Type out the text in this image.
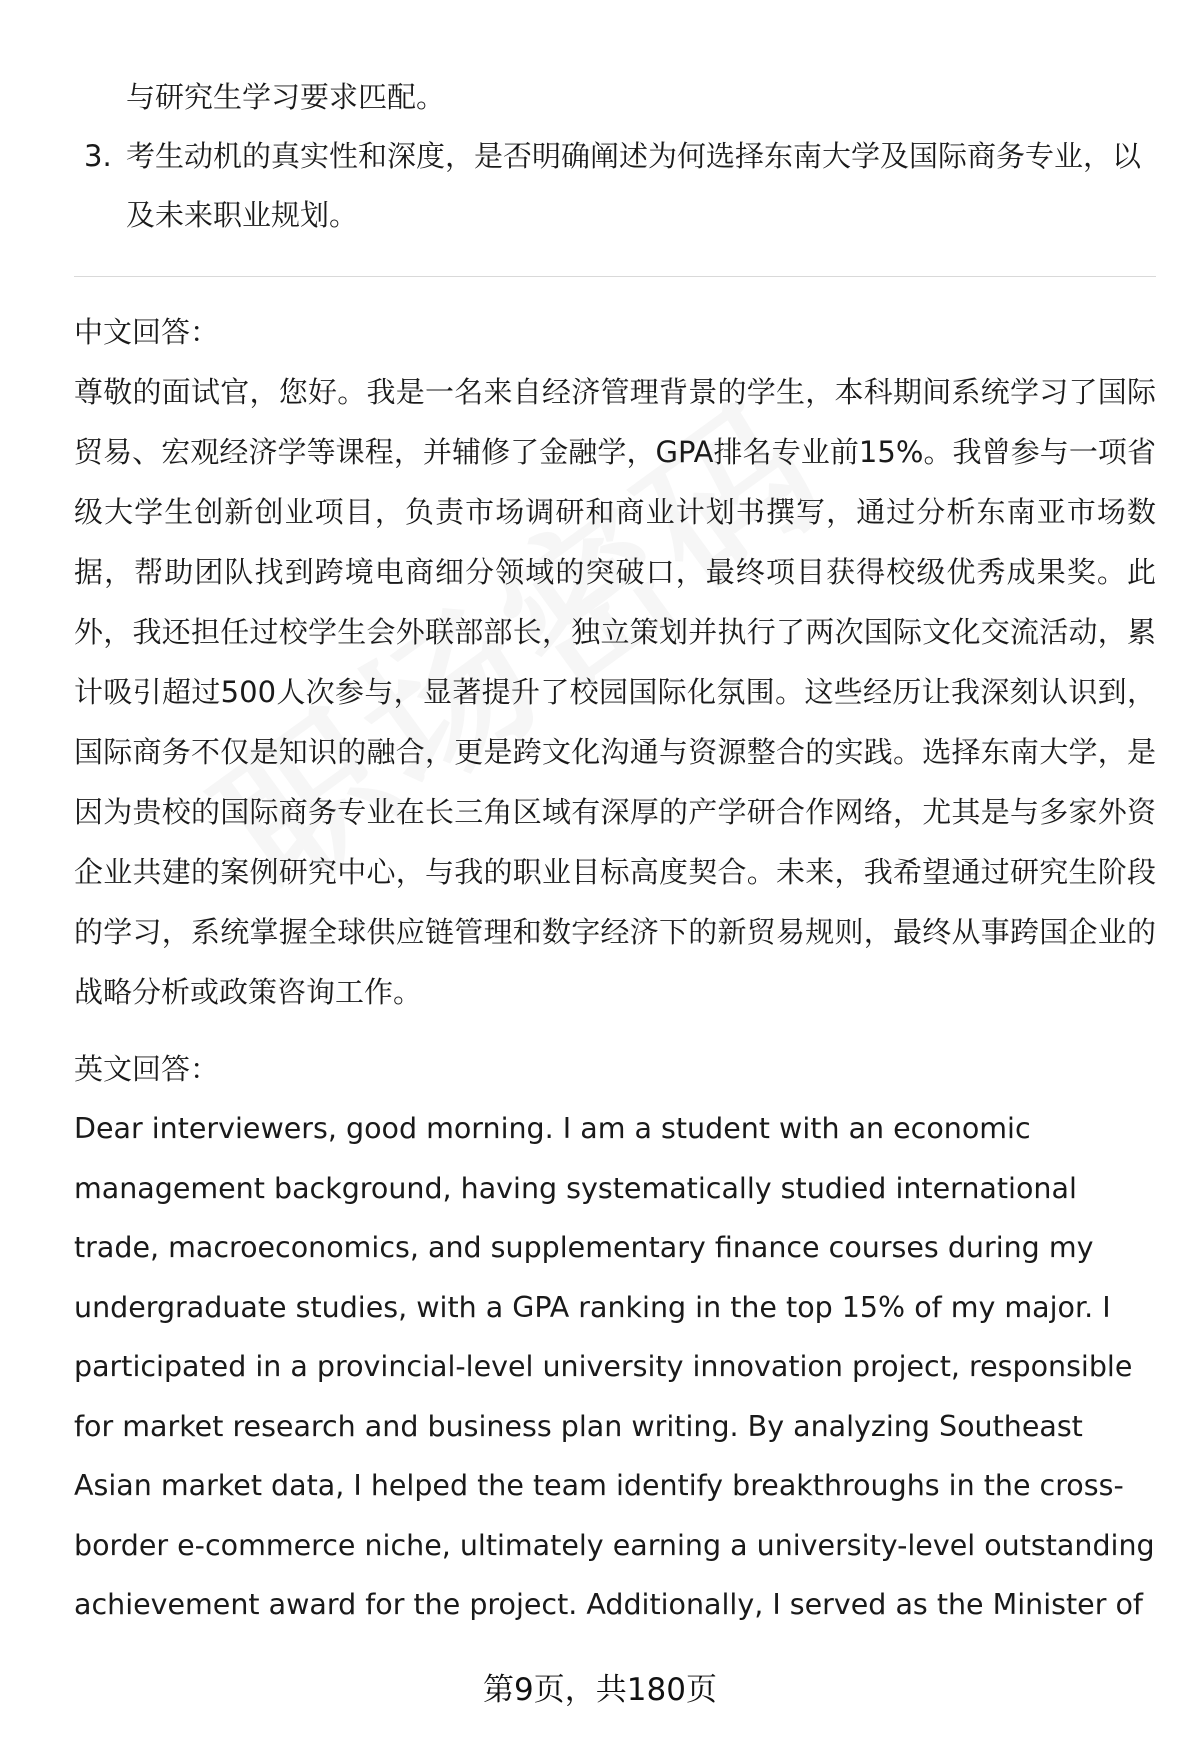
与研究生学习要求匹配。
3. 考生动机的真实性和深度，是否明确阐述为何选择东南大学及国际商务专业，以及未来职业规划。

中文回答：

尊敬的面试官，您好。我是一名来自经济管理背景的学生，本科期间系统学习了国际贸易、宏观经济学等课程，并辅修了金融学，GPA排名专业前15%。我曾参与一项省级大学生创新创业项目，负责市场调研和商业计划书撰写，通过分析东南亚市场数据，帮助团队找到跨境电商细分领域的突破口，最终项目获得校级优秀成果奖。此外，我还担任过校学生会外联部部长，独立策划并执行了两次国际文化交流活动，累计吸引超过500人次参与，显著提升了校园国际化氛围。这些经历让我深刻认识到，国际商务不仅是知识的融合，更是跨文化沟通与资源整合的实践。选择东南大学，是因为贵校的国际商务专业在长三角区域有深厚的产学研合作网络，尤其是与多家外资企业共建的案例研究中心，与我的职业目标高度契合。未来，我希望通过研究生阶段的学习，系统掌握全球供应链管理和数字经济下的新贸易规则，最终从事跨国企业的战略分析或政策咨询工作。

英文回答：

Dear interviewers, good morning. I am a student with an economic management background, having systematically studied international trade, macroeconomics, and supplementary finance courses during my undergraduate studies, with a GPA ranking in the top 15% of my major. I participated in a provincial-level university innovation project, responsible for market research and business plan writing. By analyzing Southeast Asian market data, I helped the team identify breakthroughs in the cross-border e-commerce niche, ultimately earning a university-level outstanding achievement award for the project. Additionally, I served as the Minister of

第9页，共180页
